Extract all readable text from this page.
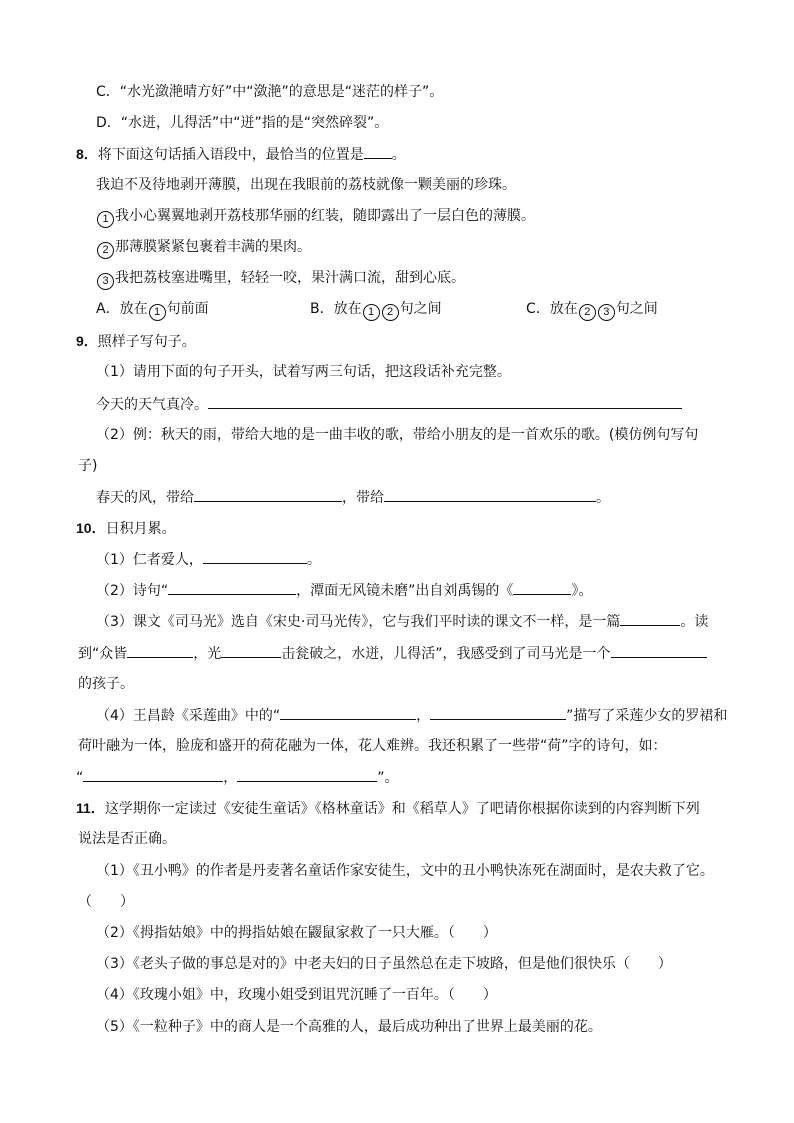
C．“水光潋滟晴方好”中“潋滟”的意思是“迷茫的样子”。
D．“水迸，儿得活”中“迸”指的是“突然碎裂”。
8．将下面这句话插入语段中，最恰当的位置是 。
我迫不及待地剥开薄膜，出现在我眼前的荔枝就像一颗美丽的珍珠。
1 我小心翼翼地剥开荔枝那华丽的红装，随即露出了一层白色的薄膜。
2 那薄膜紧紧包裹着丰满的果肉。
3 我把荔枝塞进嘴里，轻轻一咬，果汁满口流，甜到心底。
A．放在 1 句前面	B．放在 1 2 句之间	C．放在 2 3 句之间
9．照样子写句子。
（1）请用下面的句子开头，试着写两三句话，把这段话补充完整。
今天的天气真冷。
（2）例：秋天的雨，带给大地的是一曲丰收的歌，带给小朋友的是一首欢乐的歌。(模仿例句写句
子)
春天的风，带给	，带给	。
10．日积月累。
（1）仁者爱人，	。
（2）诗句“	，潭面无风镜未磨”出自刘禹锡的《	》。
（3）课文《司马光》选自《宋史·司马光传》，它与我们平时读的课文不一样，是一篇	。读
到“众皆	，光	击瓮破之，水迸，儿得活”，我感受到了司马光是一个
的孩子。
（4）王昌龄《采莲曲》中的“	，	”描写了采莲少女的罗裙和
荷叶融为一体，脸庞和盛开的荷花融为一体，花人难辨。我还积累了一些带“荷”字的诗句，如：
“	，	”。
11．这学期你一定读过《安徒生童话》《格林童话》和《稻草人》了吧请你根据你读到的内容判断下列
说法是否正确。
（1）《丑小鸭》的作者是丹麦著名童话作家安徒生，文中的丑小鸭快冻死在湖面时，是农夫救了它。
（　　）
（2）《拇指姑娘》中的拇指姑娘在鼹鼠家救了一只大雁。（　　）
（3）《老头子做的事总是对的》中老夫妇的日子虽然总在走下坡路，但是他们很快乐（　　）
（4）《玫瑰小姐》中，玫瑰小姐受到诅咒沉睡了一百年。（　　）
（5）《一粒种子》中的商人是一个高雅的人，最后成功种出了世界上最美丽的花。
